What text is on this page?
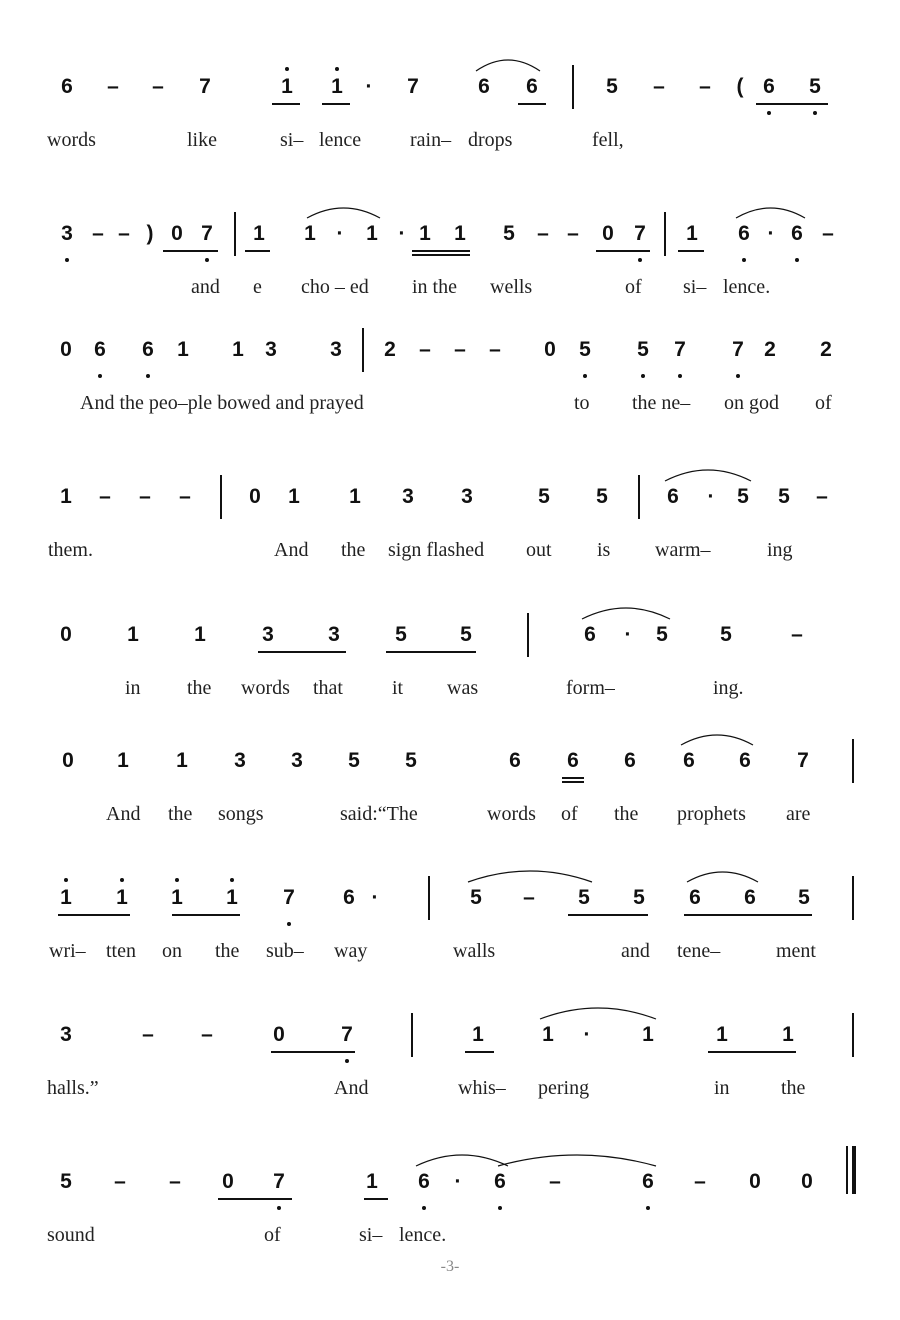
6 – – 7	1 1 · 7	6 6	5 – – ( 6 5
words	like	si– lence rain– drops	fell,
3 – – ) 0 7 1 1 · 1 · 1 1 5 – – 0 7 1 6 · 6 –
and e cho – ed in the wells	of si– lence.
0 6 6 1 1 3	3 2 – – – 0 5 5 7 7 2 2
And the peo–ple bowed and prayed	to the ne– on god of
1 – – –	0 1 1 3 3	5 5	6 · 5 5 –
them.	And the sign flashed out is warm–	ing
0	1	1	3	3	5	5	6 · 5 5	–
in the words that it was	form–	ing.
0 1 1 3 3 5 5	6 6 6 6 6 7
And the songs	said:“The	words of the prophets are
1 1 1 1 7 6 ·	5 – 5 5 6 6 5
wri– tten on the sub– way	walls	and tene–	ment
3	– –	0	7	1	1 · 1	1	1
halls.”	And	whis– pering	in	the
5 – – 0 7	1 6 · 6 –	6 – 0 0
sound	of	si– lence.
-3-
